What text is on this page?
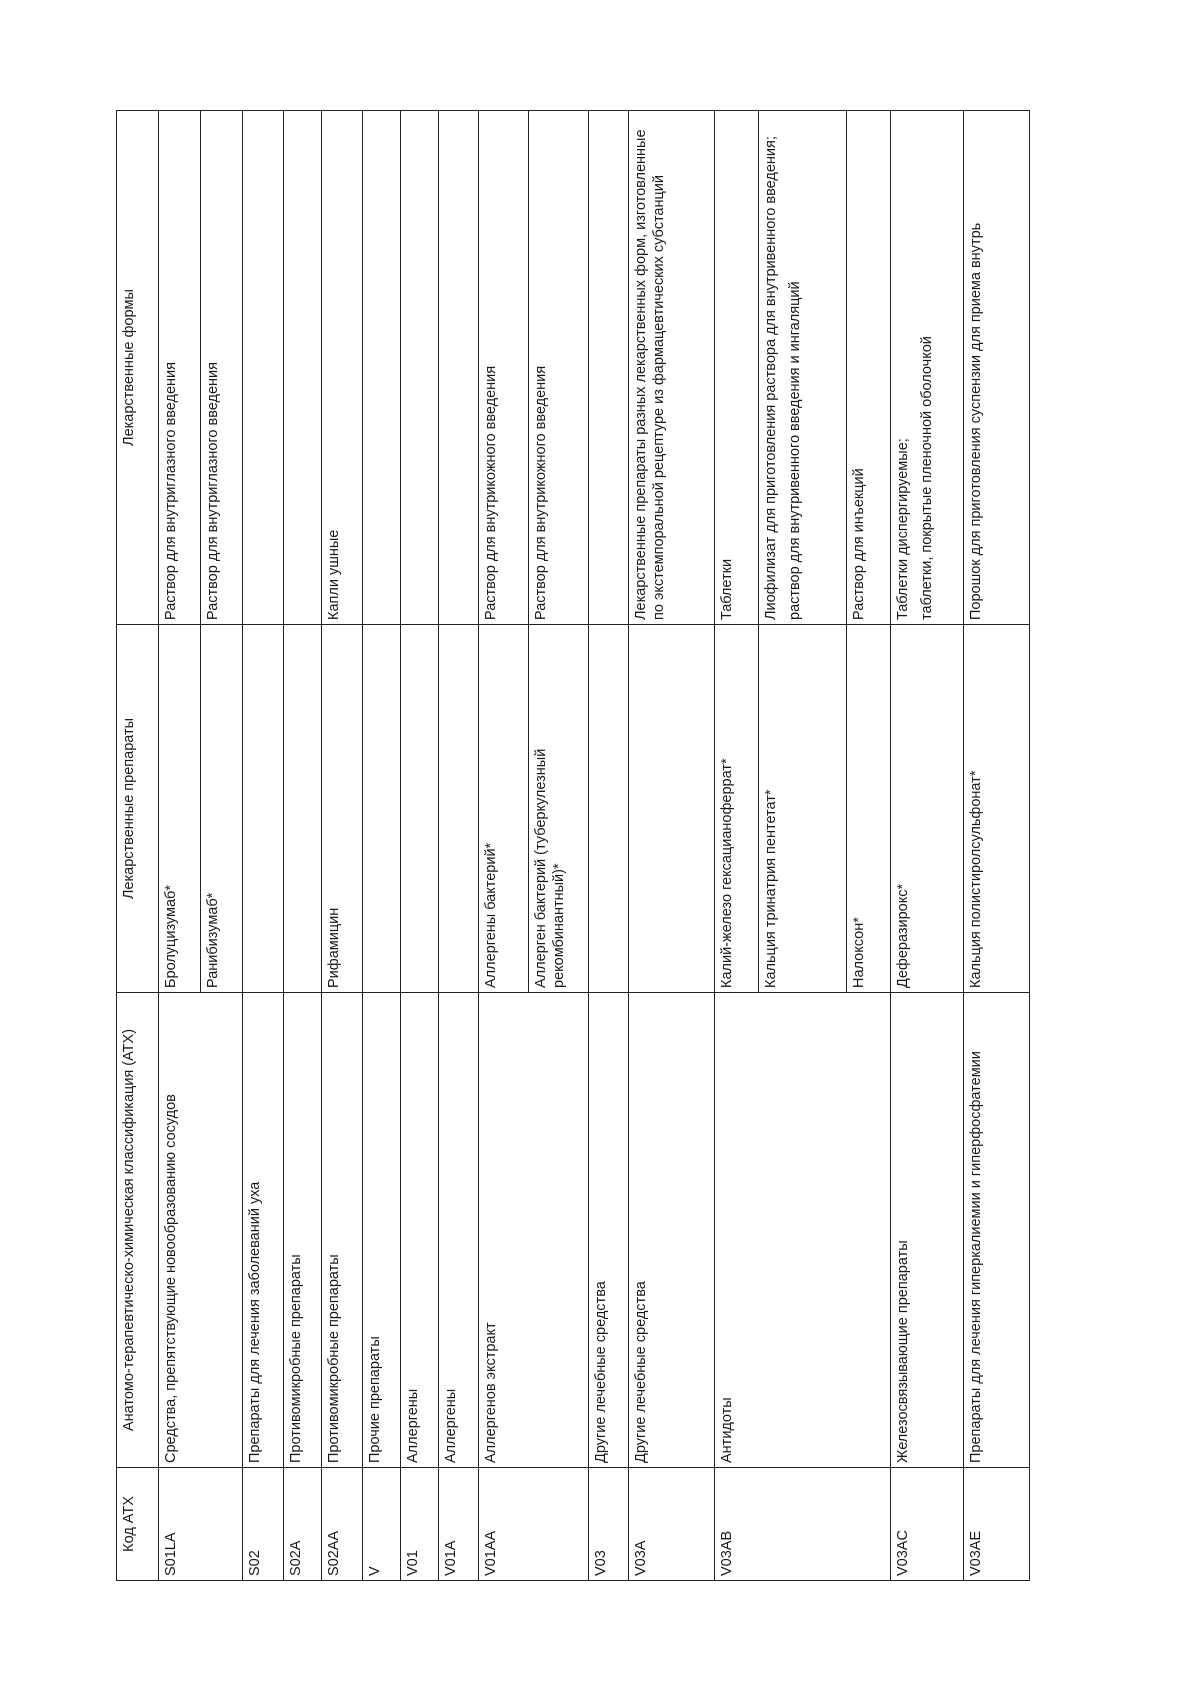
Код АТХ	Анатомо-терапевтическо-химическая классификация (АТХ)	Лекарственные препараты	Лекарственные формы
S01LA	Средства, препятствующие новообразованию сосудов	Бролуцизумаб*	Раствор для внутриглазного введения

		Ранибизумаб*	Раствор для внутриглазного введения

S02	Препараты для лечения заболеваний уха		
S02A	Противомикробные препараты		
S02AA	Противомикробные препараты	Рифамицин	Капли ушные

V	Прочие препараты		
V01	Аллергены		
V01A	Аллергены		
V01AA	Аллергенов экстракт	Аллергены бактерий*	Раствор для внутрикожного введения

		Аллерген бактерий (туберкулезный рекомбинантный)*	Раствор для внутрикожного введения

V03	Другие лечебные средства		
V03A	Другие лечебные средства		Лекарственные препараты разных лекарственных форм, изготовленные по экстемпоральной рецептуре из фармацевтических субстанций

V03AB	Антидоты	Калий-железо гексацианоферрат*	Таблетки

		Кальция тринатрия пентетат*	Лиофилизат для приготовления раствора для внутривенного введения; раствор для внутривенного введения и ингаляций

		Налоксон*	Раствор для инъекций

V03AC	Железосвязывающие препараты	Деферазирокс*	Таблетки диспергируемые; таблетки, покрытые пленочной оболочкой

V03AE	Препараты для лечения гиперкалиемии и гиперфосфатемии	Кальция полистиролсульфонат*	Порошок для приготовления суспензии для приема внутрь
